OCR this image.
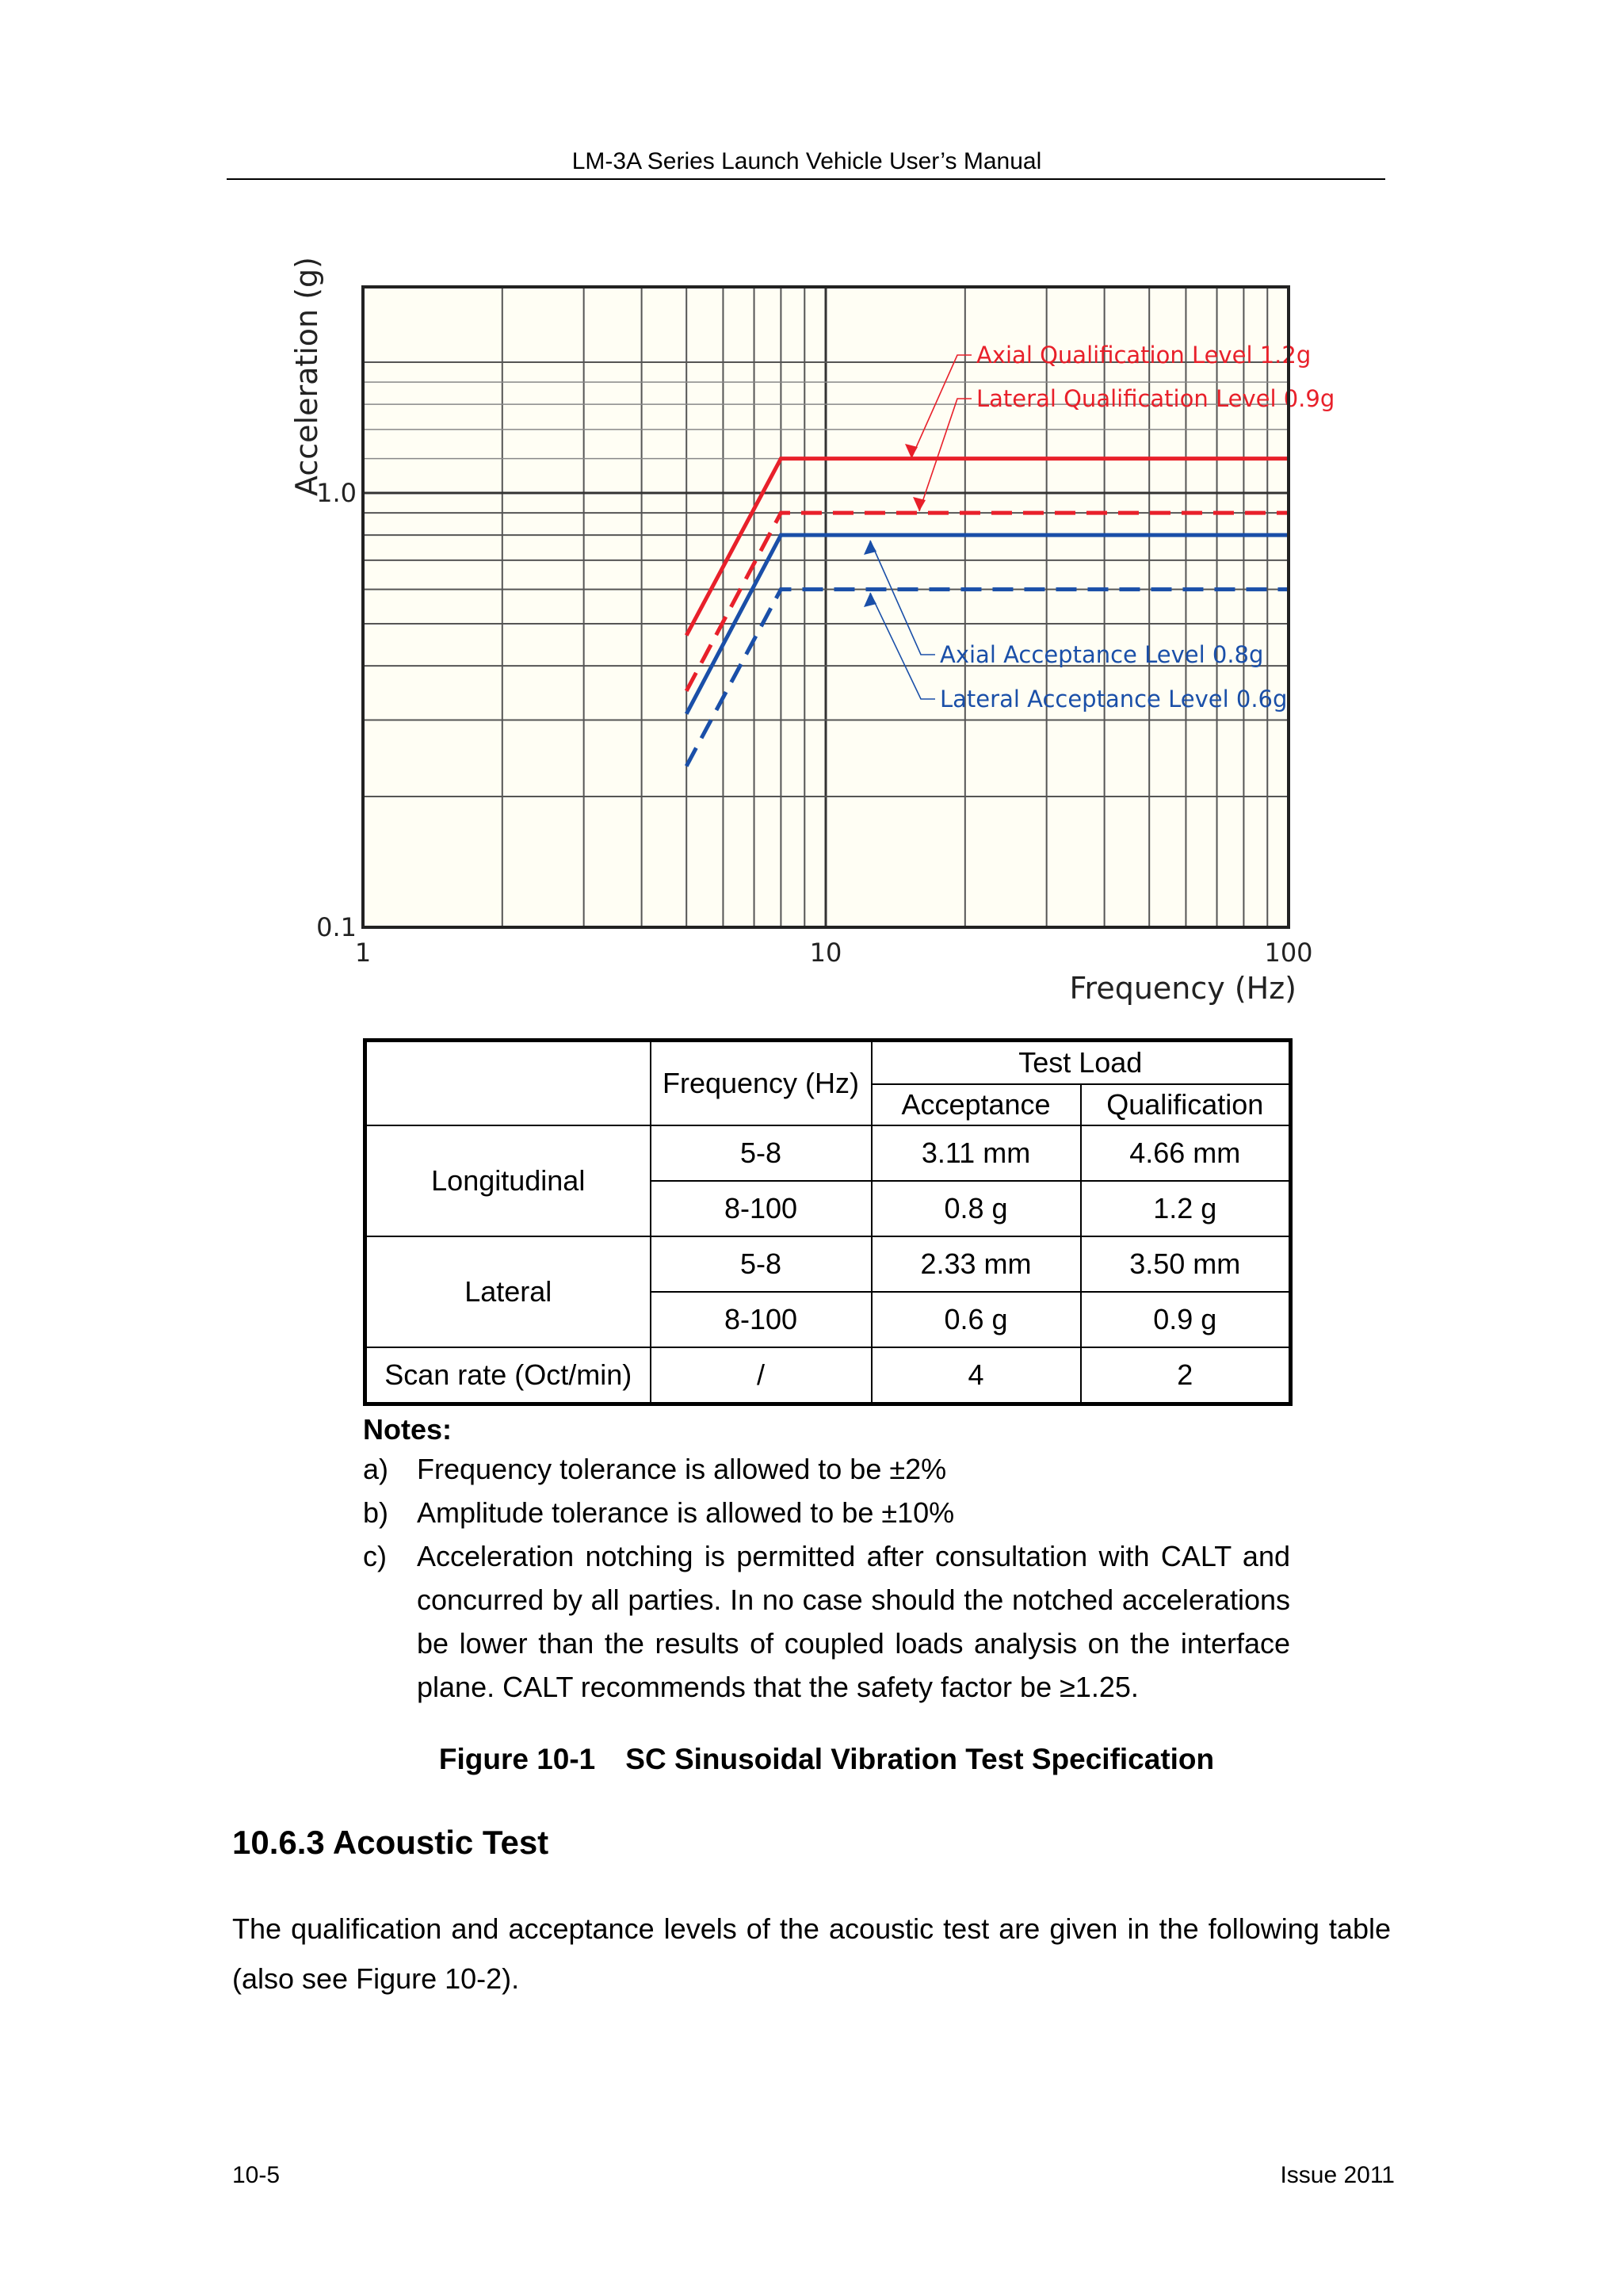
LM-3A Series Launch Vehicle User’s Manual
Axial Qualification Level 1.2g
Lateral Qualification Level 0.9g
Axial Acceptance Level 0.8g
Lateral Acceptance Level 0.6g
1	10	100
0.1
1.0
Frequency (Hz)
Acceleration (g)
	Frequency (Hz)	Test Load	
		Acceptance	Qualification
Longitudinal	5-8	3.11 mm	4.66 mm
	8-100	0.8 g	1.2 g
Lateral	5-8	2.33 mm	3.50 mm
	8-100	0.6 g	0.9 g
Scan rate (Oct/min)	/	4	2
Notes:
a) Frequency tolerance is allowed to be ±2%
b) Amplitude tolerance is allowed to be ±10%
c)	Acceleration notching is permitted after consultation with CALT and concurred by all parties. In no case should the notched accelerations be lower than the results of coupled loads analysis on the interface plane. CALT recommends that the safety factor be ≥1.25.
Figure 10-1 SC Sinusoidal Vibration Test Specification
10.6.3 Acoustic Test
The qualification and acceptance levels of the acoustic test are given in the following table (also see Figure 10-2).
10-5	Issue 2011
